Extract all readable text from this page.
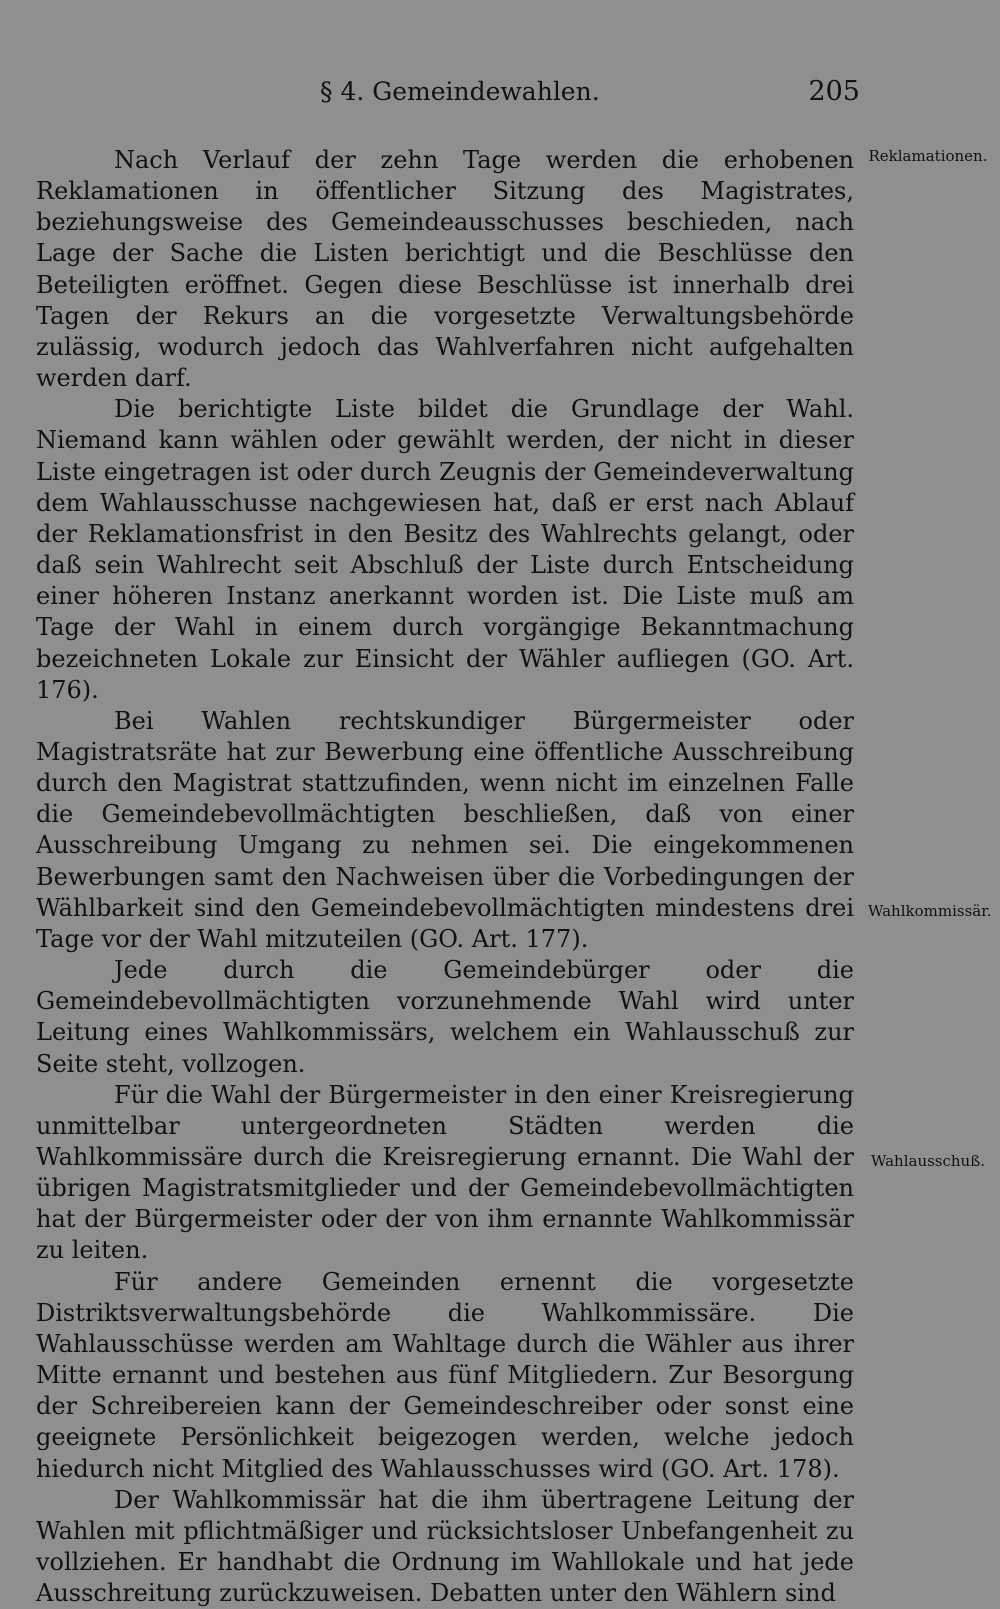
§ 4. Gemeindewahlen.	205

Nach Verlauf der zehn Tage werden die erhobenen Reklamationen in öffentlicher Sitzung des Magistrates, beziehungsweise des Gemeindeausschusses beschieden, nach Lage der Sache die Listen berichtigt und die Beschlüsse den Beteiligten eröffnet. Gegen diese Beschlüsse ist innerhalb drei Tagen der Rekurs an die vorgesetzte Verwaltungsbehörde zulässig, wodurch jedoch das Wahlverfahren nicht aufgehalten werden darf.

Die berichtigte Liste bildet die Grundlage der Wahl. Niemand kann wählen oder gewählt werden, der nicht in dieser Liste eingetragen ist oder durch Zeugnis der Gemeindeverwaltung dem Wahlausschusse nachgewiesen hat, daß er erst nach Ablauf der Reklamationsfrist in den Besitz des Wahlrechts gelangt, oder daß sein Wahlrecht seit Abschluß der Liste durch Entscheidung einer höheren Instanz anerkannt worden ist. Die Liste muß am Tage der Wahl in einem durch vorgängige Bekanntmachung bezeichneten Lokale zur Einsicht der Wähler aufliegen (GO. Art. 176).

Bei Wahlen rechtskundiger Bürgermeister oder Magistratsräte hat zur Bewerbung eine öffentliche Ausschreibung durch den Magistrat stattzufinden, wenn nicht im einzelnen Falle die Gemeindebevollmächtigten beschließen, daß von einer Ausschreibung Umgang zu nehmen sei. Die eingekommenen Bewerbungen samt den Nachweisen über die Vorbedingungen der Wählbarkeit sind den Gemeindebevollmächtigten mindestens drei Tage vor der Wahl mitzuteilen (GO. Art. 177).

Jede durch die Gemeindebürger oder die Gemeindebevollmächtigten vorzunehmende Wahl wird unter Leitung eines Wahlkommissärs, welchem ein Wahlausschuß zur Seite steht, vollzogen.

Für die Wahl der Bürgermeister in den einer Kreisregierung unmittelbar untergeordneten Städten werden die Wahlkommissäre durch die Kreisregierung ernannt. Die Wahl der übrigen Magistratsmitglieder und der Gemeindebevollmächtigten hat der Bürgermeister oder der von ihm ernannte Wahlkommissär zu leiten.

Für andere Gemeinden ernennt die vorgesetzte Distriktsverwaltungsbehörde die Wahlkommissäre. Die Wahlausschüsse werden am Wahltage durch die Wähler aus ihrer Mitte ernannt und bestehen aus fünf Mitgliedern. Zur Besorgung der Schreibereien kann der Gemeindeschreiber oder sonst eine geeignete Persönlichkeit beigezogen werden, welche jedoch hiedurch nicht Mitglied des Wahlausschusses wird (GO. Art. 178).

Der Wahlkommissär hat die ihm übertragene Leitung der Wahlen mit pflichtmäßiger und rücksichtsloser Unbefangenheit zu vollziehen. Er handhabt die Ordnung im Wahllokale und hat jede Ausschreitung zurückzuweisen. Debatten unter den Wählern sind

Reklamationen.
Wahlkommissär.
Wahlausschuß.
